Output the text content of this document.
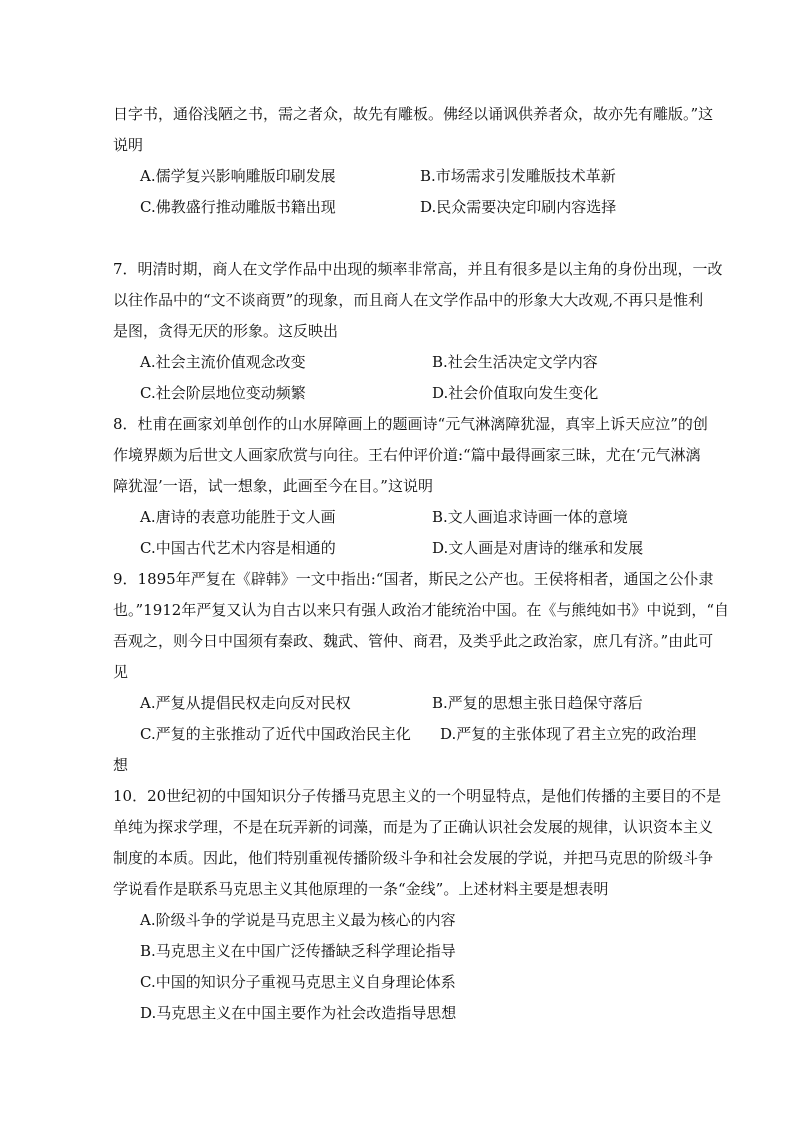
日字书，通俗浅陋之书，需之者众，故先有雕板。佛经以诵讽供养者众，故亦先有雕版。”这
说明
A.儒学复兴影响雕版印刷发展	B.市场需求引发雕版技术革新
C.佛教盛行推动雕版书籍出现	D.民众需要决定印刷内容选择
7．明清时期，商人在文学作品中出现的频率非常高，并且有很多是以主角的身份出现，一改
以往作品中的“文不谈商贾”的现象，而且商人在文学作品中的形象大大改观,不再只是惟利
是图，贪得无厌的形象。这反映出
A.社会主流价值观念改变	B.社会生活决定文学内容
C.社会阶层地位变动频繁	D.社会价值取向发生变化
8．杜甫在画家刘单创作的山水屏障画上的题画诗“元气淋漓障犹湿，真宰上诉天应泣”的创
作境界颇为后世文人画家欣赏与向往。王右仲评价道:“篇中最得画家三昧，尤在‘元气淋漓
障犹湿’一语，试一想象，此画至今在目。”这说明
A.唐诗的表意功能胜于文人画	B.文人画追求诗画一体的意境
C.中国古代艺术内容是相通的	D.文人画是对唐诗的继承和发展
9．1895年严复在《辟韩》一文中指出:“国者，斯民之公产也。王侯将相者，通国之公仆隶
也。”1912年严复又认为自古以来只有强人政治才能统治中国。在《与熊纯如书》中说到，“自
吾观之，则今日中国须有秦政、魏武、管仲、商君，及类乎此之政治家，庶几有济。”由此可
见
A.严复从提倡民权走向反对民权	B.严复的思想主张日趋保守落后
C.严复的主张推动了近代中国政治民主化 D.严复的主张体现了君主立宪的政治理
想
10．20世纪初的中国知识分子传播马克思主义的一个明显特点，是他们传播的主要目的不是
单纯为探求学理，不是在玩弄新的词藻，而是为了正确认识社会发展的规律，认识资本主义
制度的本质。因此，他们特别重视传播阶级斗争和社会发展的学说，并把马克思的阶级斗争
学说看作是联系马克思主义其他原理的一条“金线”。上述材料主要是想表明
A.阶级斗争的学说是马克思主义最为核心的内容
B.马克思主义在中国广泛传播缺乏科学理论指导
C.中国的知识分子重视马克思主义自身理论体系
D.马克思主义在中国主要作为社会改造指导思想
